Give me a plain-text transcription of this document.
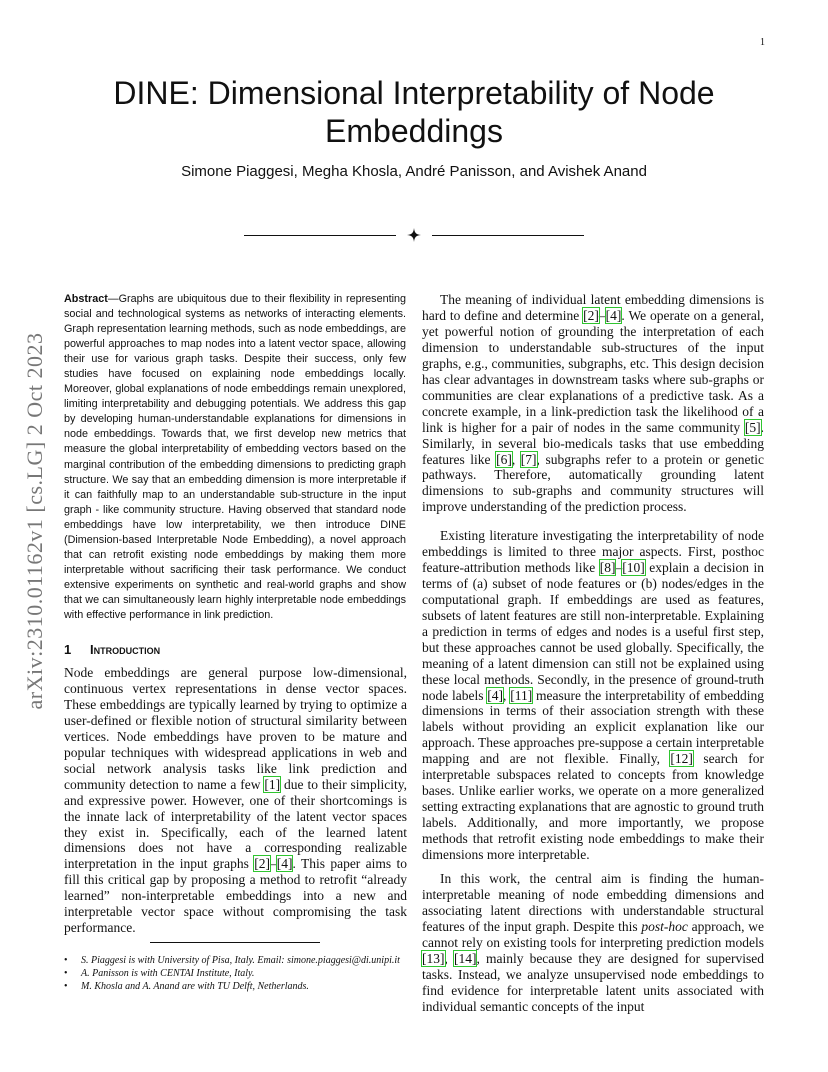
1
arXiv:2310.01162v1 [cs.LG] 2 Oct 2023
DINE: Dimensional Interpretability of Node Embeddings
Simone Piaggesi, Megha Khosla, André Panisson, and Avishek Anand

Abstract—Graphs are ubiquitous due to their flexibility in representing social and technological systems as networks of interacting elements. Graph representation learning methods, such as node embeddings, are powerful approaches to map nodes into a latent vector space, allowing their use for various graph tasks. Despite their success, only few studies have focused on explaining node embeddings locally. Moreover, global explanations of node embeddings remain unexplored, limiting interpretability and debugging potentials. We address this gap by developing human-understandable explanations for dimensions in node embeddings. Towards that, we first develop new metrics that measure the global interpretability of embedding vectors based on the marginal contribution of the embedding dimensions to predicting graph structure. We say that an embedding dimension is more interpretable if it can faithfully map to an understandable sub-structure in the input graph - like community structure. Having observed that standard node embeddings have low interpretability, we then introduce DINE (Dimension-based Interpretable Node Embedding), a novel approach that can retrofit existing node embeddings by making them more interpretable without sacrificing their task performance. We conduct extensive experiments on synthetic and real-world graphs and show that we can simultaneously learn highly interpretable node embeddings with effective performance in link prediction.

1 Introduction

Node embeddings are general purpose low-dimensional, continuous vertex representations in dense vector spaces. These embeddings are typically learned by trying to optimize a user-defined or flexible notion of structural similarity between vertices. Node embeddings have proven to be mature and popular techniques with widespread applications in web and social network analysis tasks like link prediction and community detection to name a few [1] due to their simplicity, and expressive power. However, one of their shortcomings is the innate lack of interpretability of the latent vector spaces they exist in. Specifically, each of the learned latent dimensions does not have a corresponding realizable interpretation in the input graphs [2]–[4]. This paper aims to fill this critical gap by proposing a method to retrofit “already learned” non-interpretable embeddings into a new and interpretable vector space without compromising the task performance.

• S. Piaggesi is with University of Pisa, Italy. Email: simone.piaggesi@di.unipi.it
• A. Panisson is with CENTAI Institute, Italy.
• M. Khosla and A. Anand are with TU Delft, Netherlands.

The meaning of individual latent embedding dimensions is hard to define and determine [2]–[4]. We operate on a general, yet powerful notion of grounding the interpretation of each dimension to understandable sub-structures of the input graphs, e.g., communities, subgraphs, etc. This design decision has clear advantages in downstream tasks where sub-graphs or communities are clear explanations of a predictive task. As a concrete example, in a link-prediction task the likelihood of a link is higher for a pair of nodes in the same community [5]. Similarly, in several bio-medicals tasks that use embedding features like [6], [7], subgraphs refer to a protein or genetic pathways. Therefore, automatically grounding latent dimensions to sub-graphs and community structures will improve understanding of the prediction process.

Existing literature investigating the interpretability of node embeddings is limited to three major aspects. First, posthoc feature-attribution methods like [8]–[10] explain a decision in terms of (a) subset of node features or (b) nodes/edges in the computational graph. If embeddings are used as features, subsets of latent features are still non-interpretable. Explaining a prediction in terms of edges and nodes is a useful first step, but these approaches cannot be used globally. Specifically, the meaning of a latent dimension can still not be explained using these local methods. Secondly, in the presence of ground-truth node labels [4], [11] measure the interpretability of embedding dimensions in terms of their association strength with these labels without providing an explicit explanation like our approach. These approaches pre-suppose a certain interpretable mapping and are not flexible. Finally, [12] search for interpretable subspaces related to concepts from knowledge bases. Unlike earlier works, we operate on a more generalized setting extracting explanations that are agnostic to ground truth labels. Additionally, and more importantly, we propose methods that retrofit existing node embeddings to make their dimensions more interpretable.

In this work, the central aim is finding the human-interpretable meaning of node embedding dimensions and associating latent directions with understandable structural features of the input graph. Despite this post-hoc approach, we cannot rely on existing tools for interpreting prediction models [13], [14], mainly because they are designed for supervised tasks. Instead, we analyze unsupervised node embeddings to find evidence for interpretable latent units associated with individual semantic concepts of the input
